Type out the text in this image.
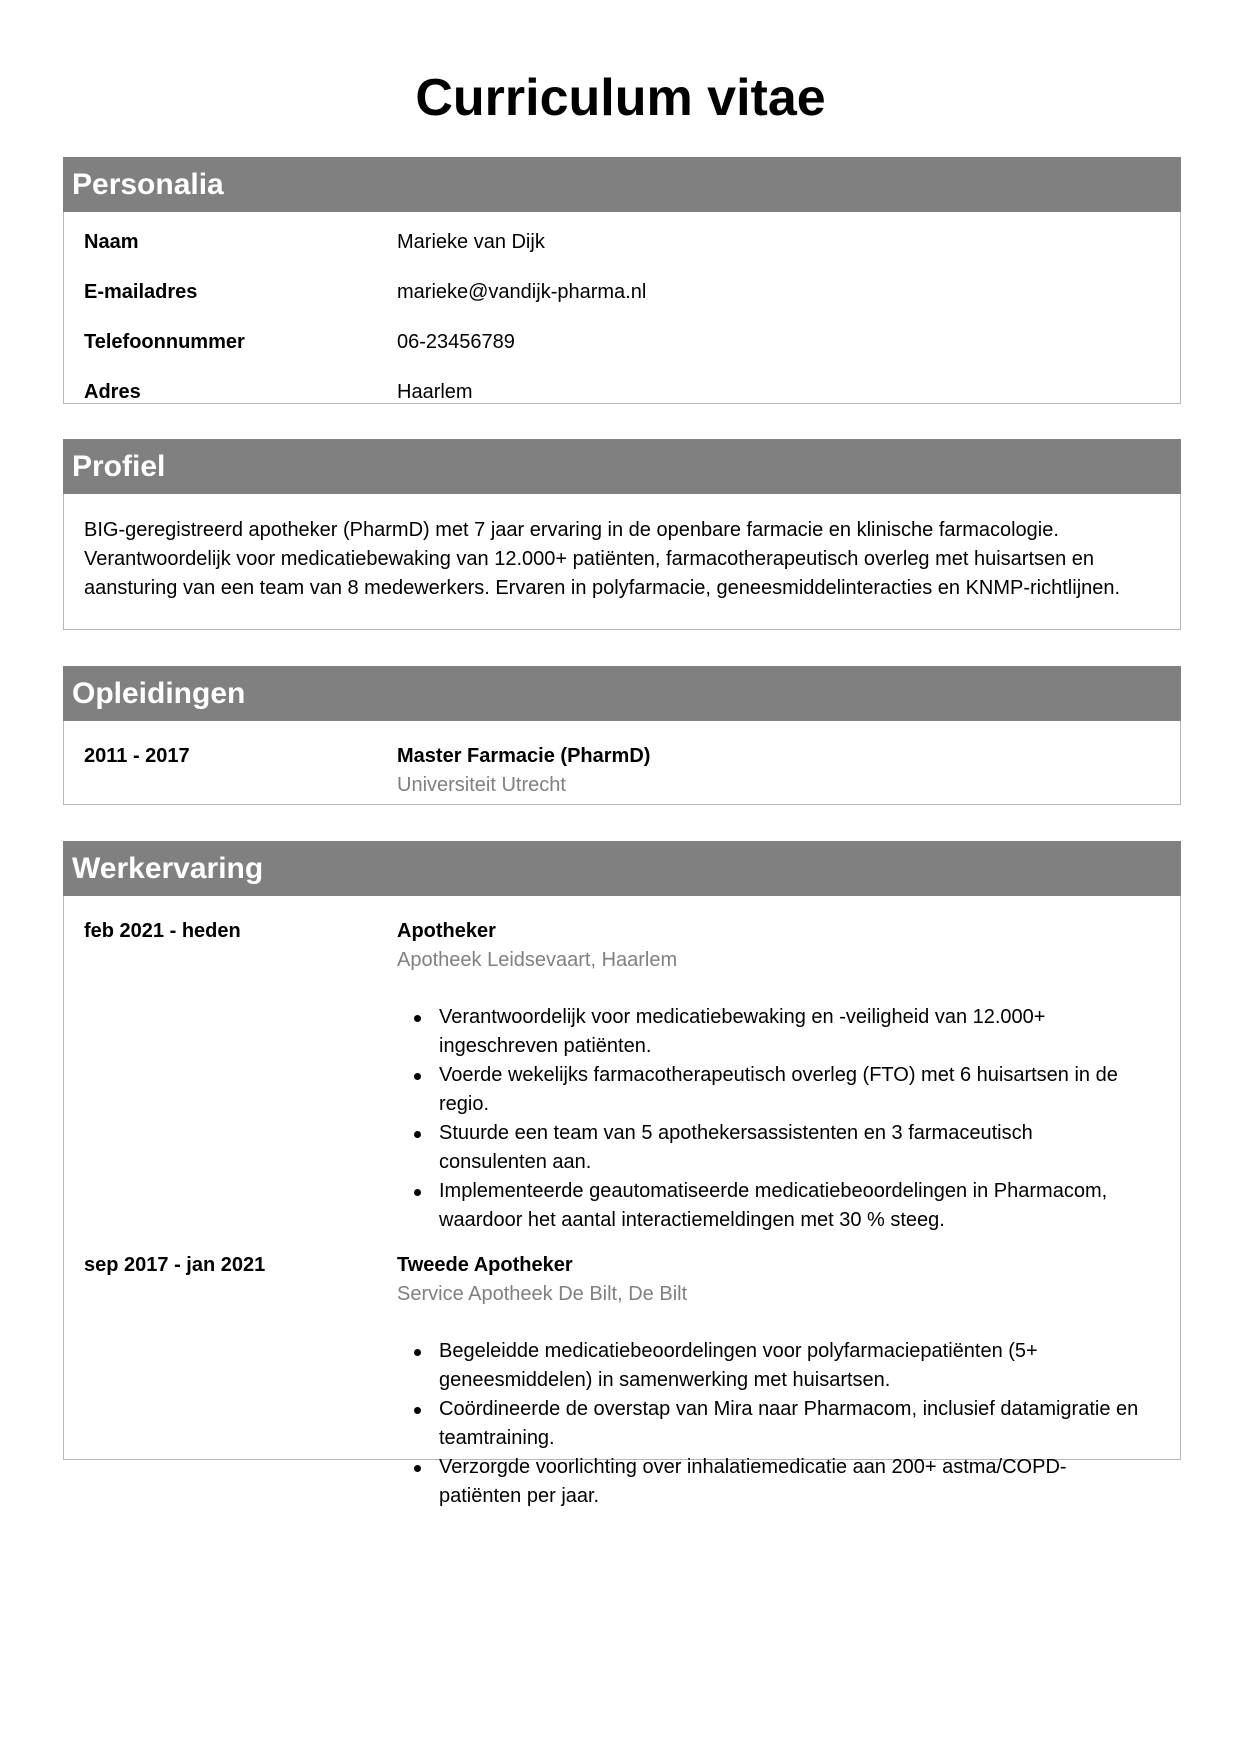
Curriculum vitae
Personalia
Naam	Marieke van Dijk
E-mailadres	marieke@vandijk-pharma.nl
Telefoonnummer	06-23456789
Adres	Haarlem
Profiel
BIG-geregistreerd apotheker (PharmD) met 7 jaar ervaring in de openbare farmacie en klinische farmacologie. Verantwoordelijk voor medicatiebewaking van 12.000+ patiënten, farmacotherapeutisch overleg met huisartsen en aansturing van een team van 8 medewerkers. Ervaren in polyfarmacie, geneesmiddelinteracties en KNMP-richtlijnen.
Opleidingen
2011 - 2017	Master Farmacie (PharmD)
Universiteit Utrecht
Werkervaring
feb 2021 - heden	Apotheker
Apotheek Leidsevaart, Haarlem
Verantwoordelijk voor medicatiebewaking en -veiligheid van 12.000+ ingeschreven patiënten.
Voerde wekelijks farmacotherapeutisch overleg (FTO) met 6 huisartsen in de regio.
Stuurde een team van 5 apothekersassistenten en 3 farmaceutisch consulenten aan.
Implementeerde geautomatiseerde medicatiebeoordelingen in Pharmacom, waardoor het aantal interactiemeldingen met 30 % steeg.
sep 2017 - jan 2021	Tweede Apotheker
Service Apotheek De Bilt, De Bilt
Begeleidde medicatiebeoordelingen voor polyfarmaciepatiënten (5+ geneesmiddelen) in samenwerking met huisartsen.
Coördineerde de overstap van Mira naar Pharmacom, inclusief datamigratie en teamtraining.
Verzorgde voorlichting over inhalatiemedicatie aan 200+ astma/COPD-patiënten per jaar.
